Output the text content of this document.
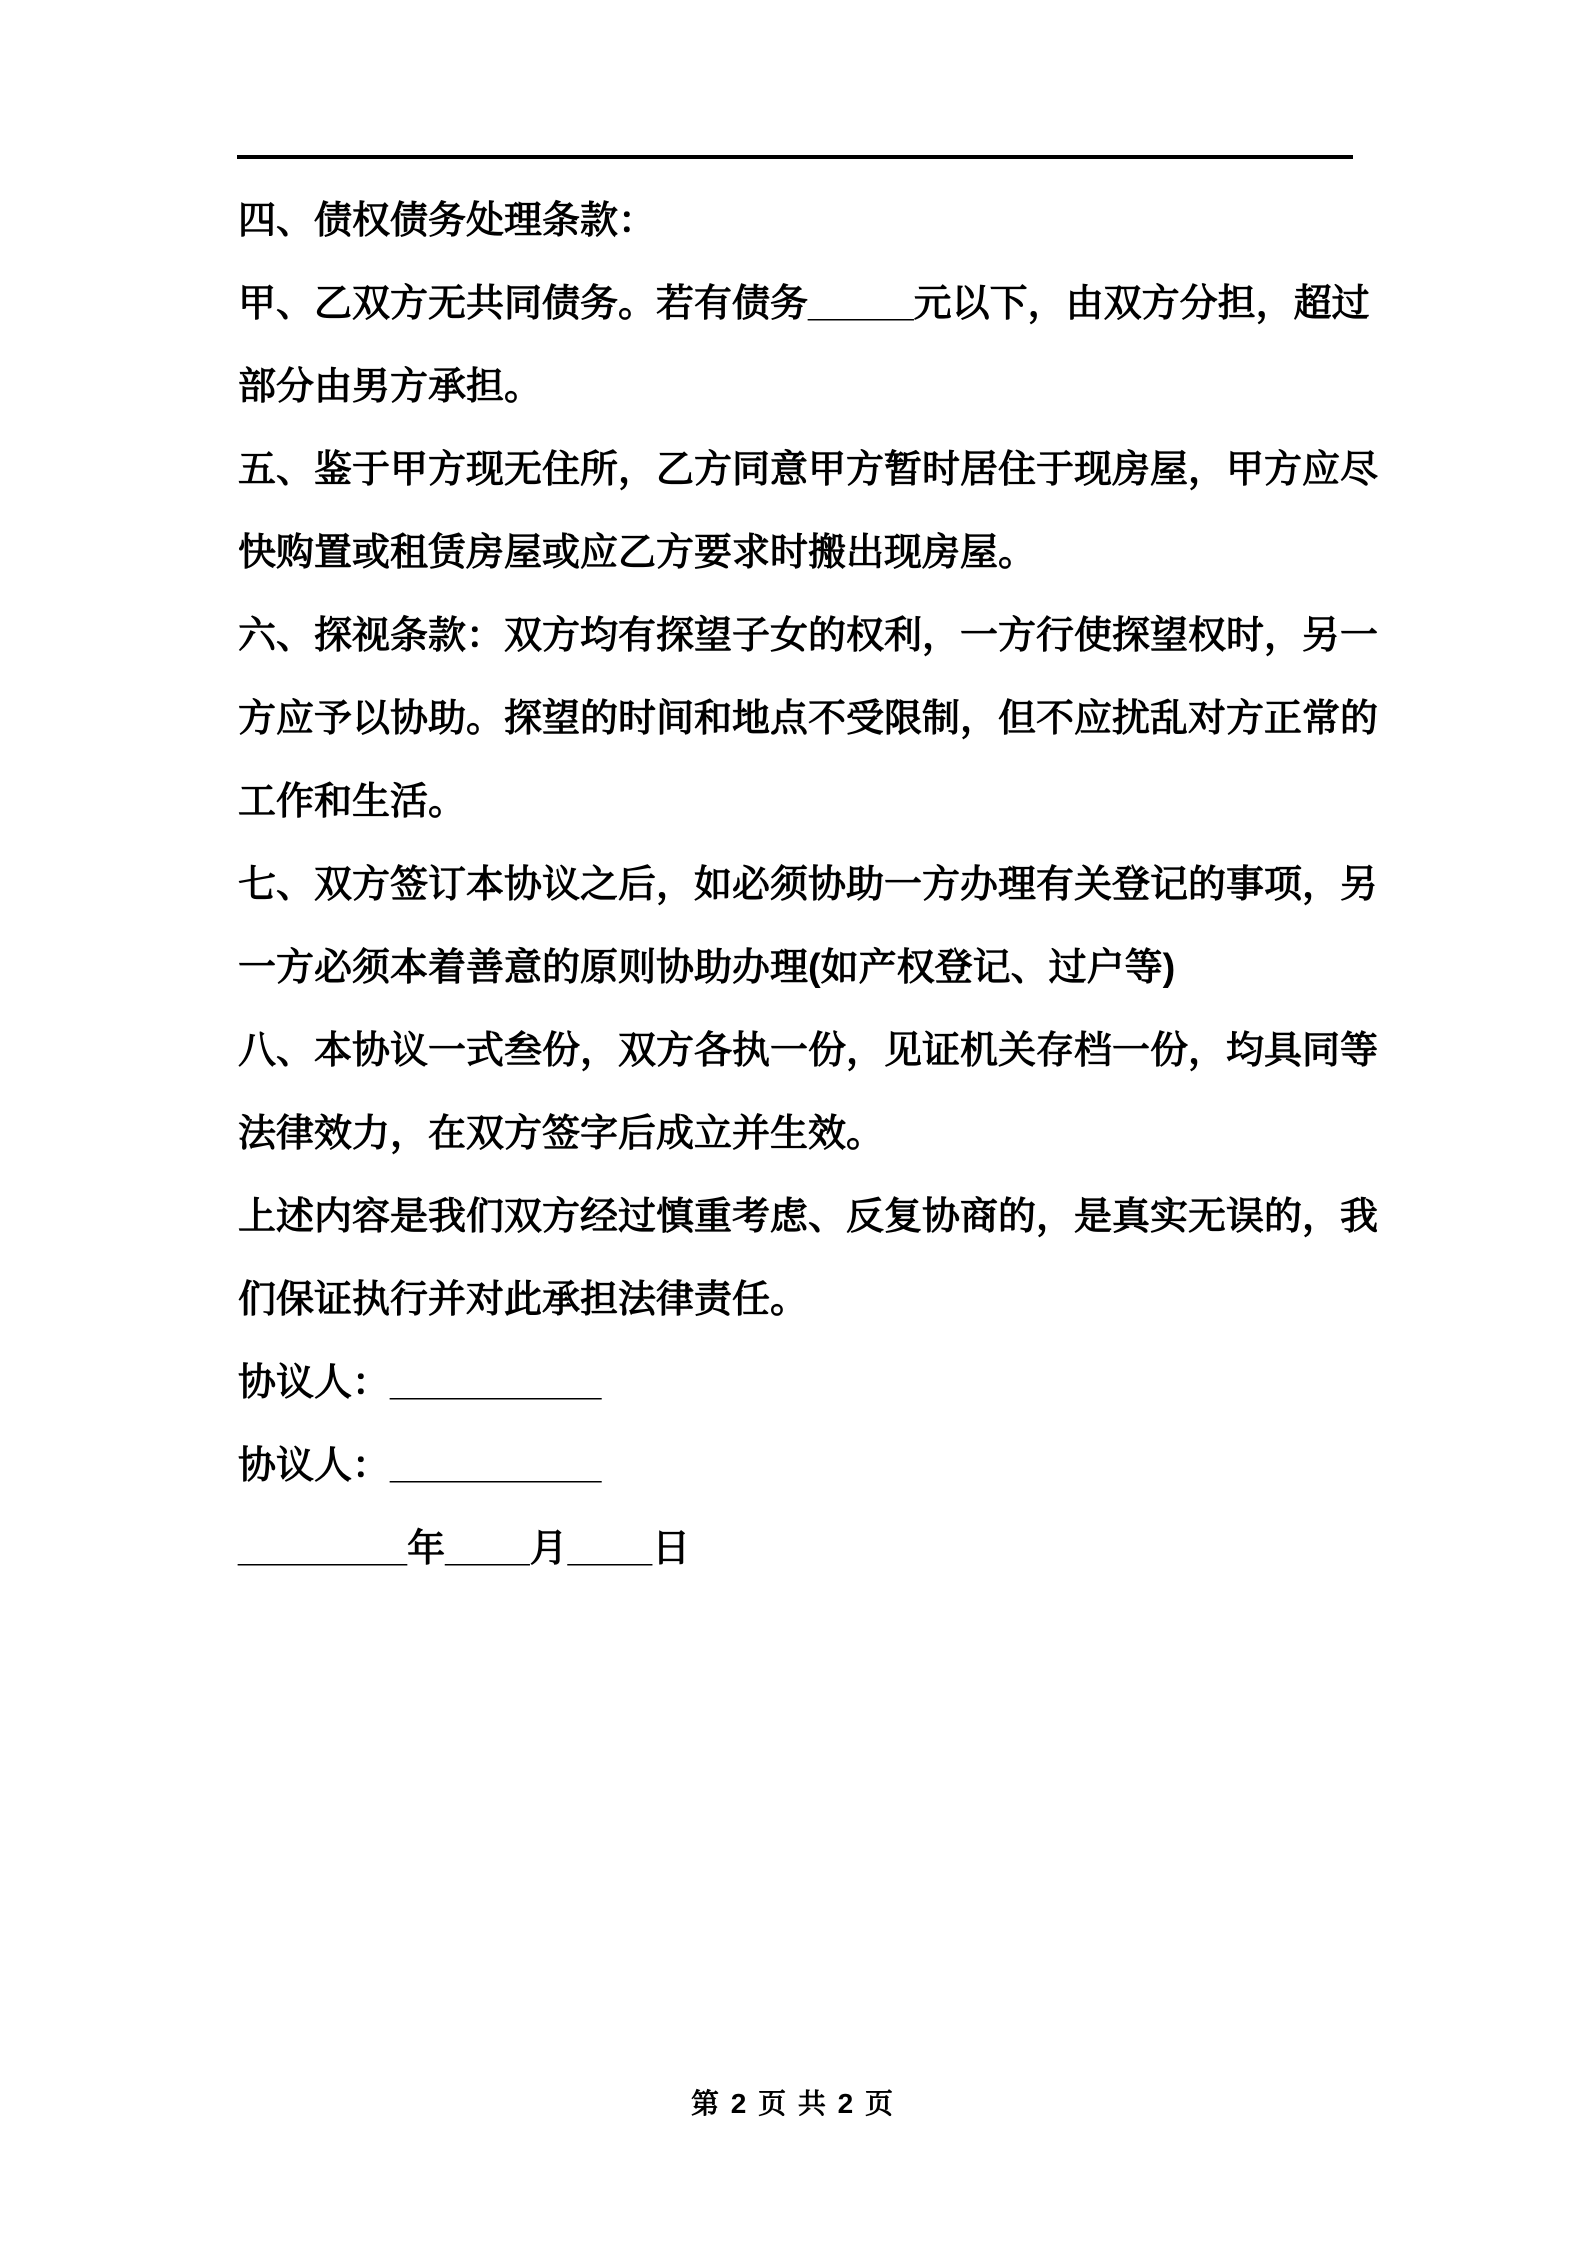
四、债权债务处理条款：
甲、乙双方无共同债务。若有债务_____元以下，由双方分担，超过
部分由男方承担。
五、鉴于甲方现无住所，乙方同意甲方暂时居住于现房屋，甲方应尽
快购置或租赁房屋或应乙方要求时搬出现房屋。
六、探视条款：双方均有探望子女的权利，一方行使探望权时，另一
方应予以协助。探望的时间和地点不受限制，但不应扰乱对方正常的
工作和生活。
七、双方签订本协议之后，如必须协助一方办理有关登记的事项，另
一方必须本着善意的原则协助办理(如产权登记、过户等)
八、本协议一式叁份，双方各执一份，见证机关存档一份，均具同等
法律效力，在双方签字后成立并生效。
上述内容是我们双方经过慎重考虑、反复协商的，是真实无误的，我
们保证执行并对此承担法律责任。
协议人：__________
协议人：__________
________年____月____日
第 2 页 共 2 页
